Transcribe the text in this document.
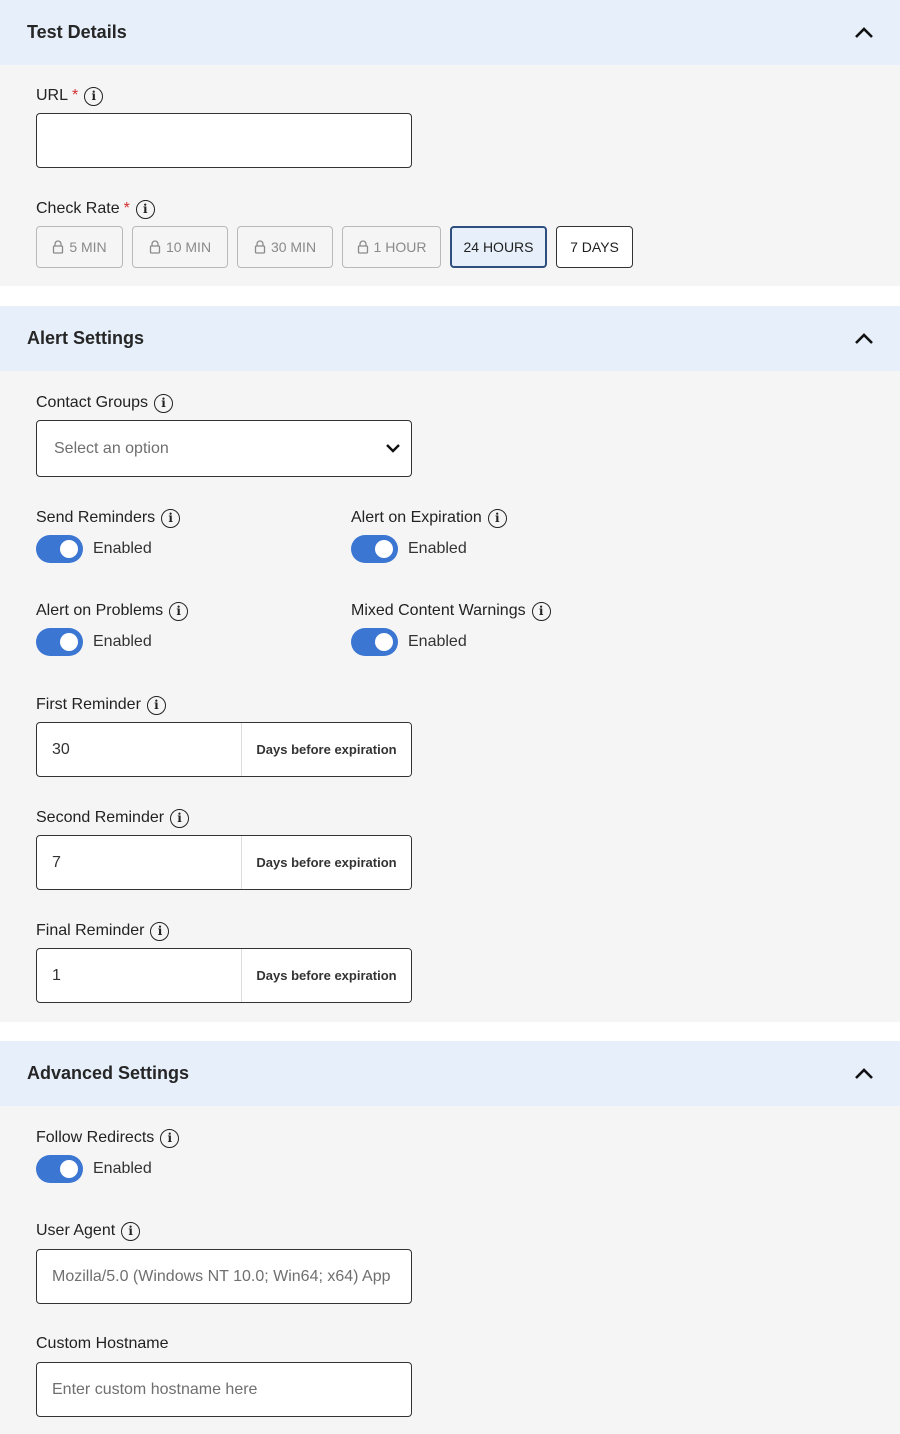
Test Details
URL *	i
Check Rate *	i
5 MIN	10 MIN	30 MIN	1 HOUR	24 HOURS	7 DAYS
Alert Settings
Contact Groups	i
Select an option
Send Reminders	i
Enabled
Alert on Expiration	i
Enabled
Alert on Problems	i
Enabled
Mixed Content Warnings	i
Enabled
First Reminder	i
30	Days before expiration
Second Reminder	i
7	Days before expiration
Final Reminder	i
1	Days before expiration
Advanced Settings
Follow Redirects	i
Enabled
User Agent	i
Mozilla/5.0 (Windows NT 10.0; Win64; x64) App
Custom Hostname
Enter custom hostname here
